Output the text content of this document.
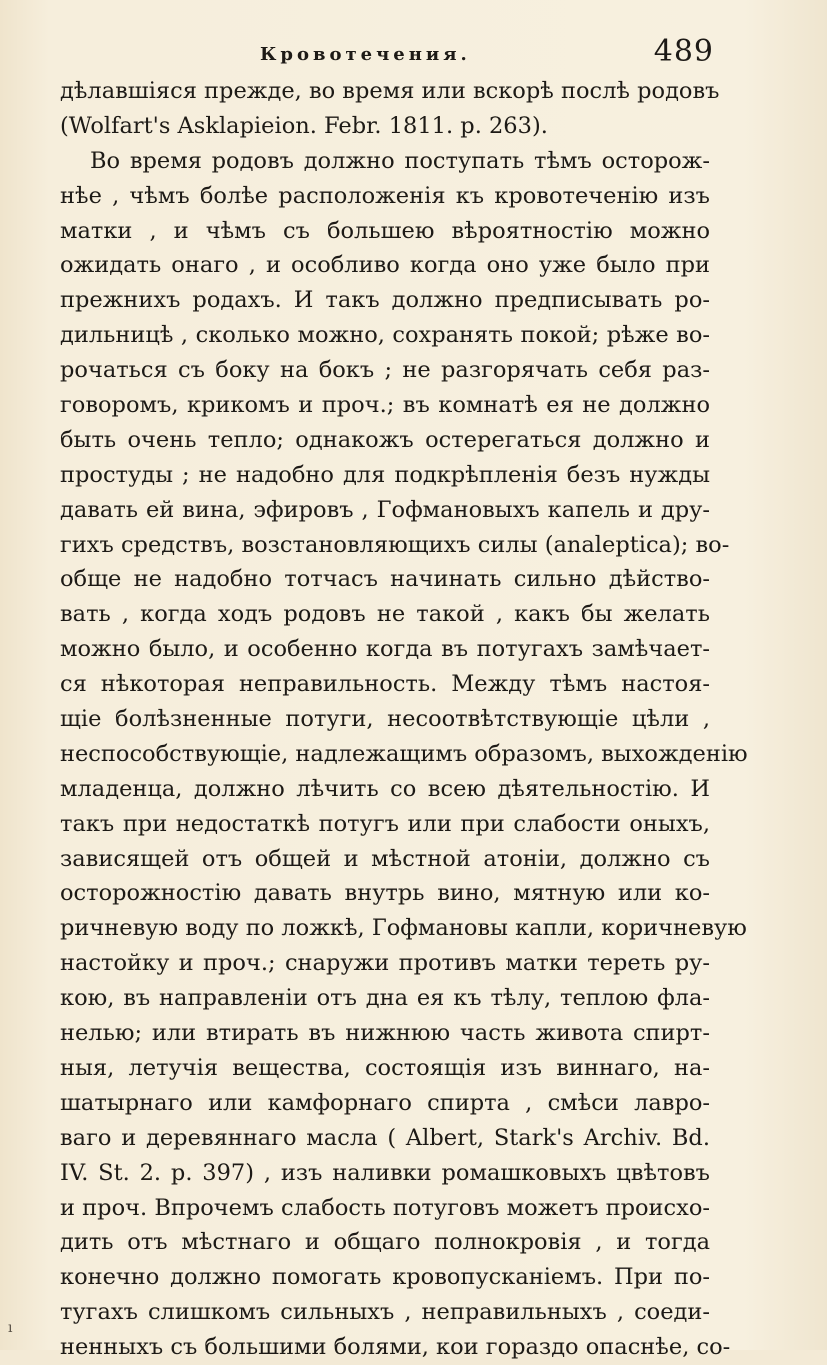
Кровотечения.	489
дѣлавшіяся прежде, во время или вскорѣ послѣ родовъ
(Wolfart's Asklapieion. Febr. 1811. p. 263).
Во время родовъ должно поступать тѣмъ осторож-
нѣе , чѣмъ болѣе расположенія къ кровотеченію изъ
матки , и чѣмъ съ большею вѣроятностію можно
ожидать онаго , и особливо когда оно уже было при
прежнихъ родахъ. И такъ должно предписывать ро-
дильницѣ , сколько можно, сохранять покой; рѣже во-
рочаться съ боку на бокъ ; не разгорячать себя раз-
говоромъ, крикомъ и проч.; въ комнатѣ ея не должно
быть очень тепло; однакожъ остерегаться должно и
простуды ; не надобно для подкрѣпленія безъ нужды
давать ей вина, эфировъ , Гофмановыхъ капель и дру-
гихъ средствъ, возстановляющихъ силы (analeptica); во-
обще не надобно тотчасъ начинать сильно дѣйство-
вать , когда ходъ родовъ не такой , какъ бы желать
можно было, и особенно когда въ потугахъ замѣчает-
ся нѣкоторая неправильность. Между тѣмъ настоя-
щіе болѣзненные потуги, несоотвѣтствующіе цѣли ,
неспособствующіе, надлежащимъ образомъ, выхожденію
младенца, должно лѣчить со всею дѣятельностію. И
такъ при недостаткѣ потугъ или при слабости оныхъ,
зависящей отъ общей и мѣстной атоніи, должно съ
осторожностію давать внутрь вино, мятную или ко-
ричневую воду по ложкѣ, Гофмановы капли, коричневую
настойку и проч.; снаружи противъ матки тереть ру-
кою, въ направленіи отъ дна ея къ тѣлу, теплою фла-
нелью; или втирать въ нижнюю часть живота спирт-
ныя, летучія вещества, состоящія изъ виннаго, на-
шатырнаго или камфорнаго спирта , смѣси лавро-
ваго и деревяннаго масла ( Albert, Stark's Archiv. Bd.
IV. St. 2. p. 397) , изъ наливки ромашковыхъ цвѣтовъ
и проч. Впрочемъ слабость потуговъ можетъ происхо-
дить отъ мѣстнаго и общаго полнокровія , и тогда
конечно должно помогать кровопусканіемъ. При по-
тугахъ слишкомъ сильныхъ , неправильныхъ , соеди-
ненныхъ съ большими болями, кои гораздо опаснѣе, со-
ı
